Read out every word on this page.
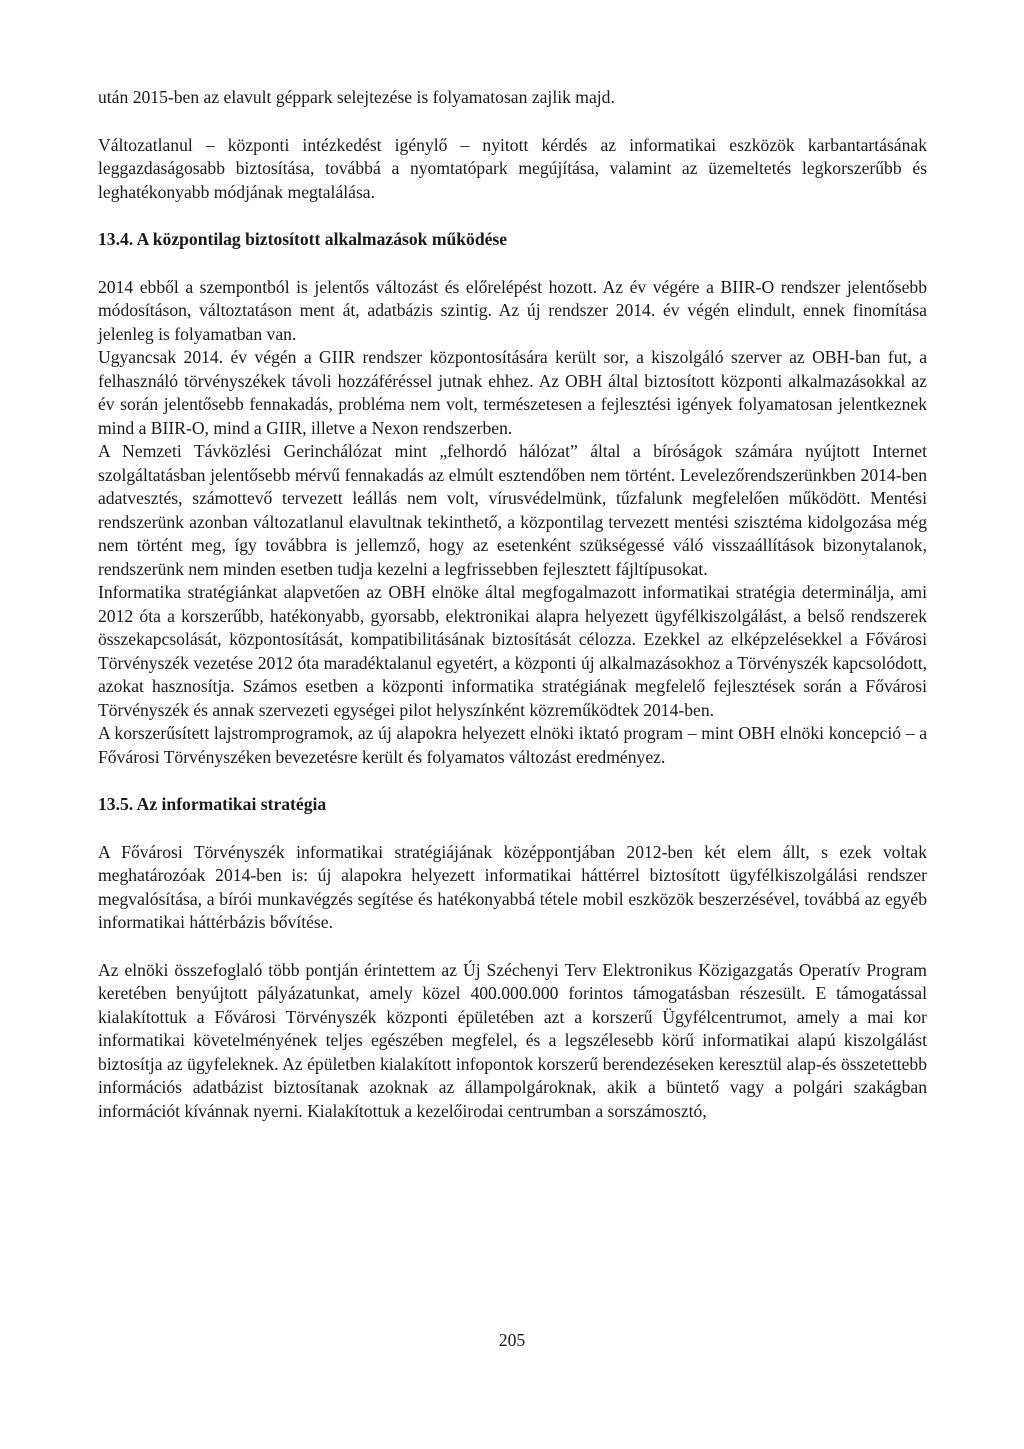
után 2015-ben az elavult géppark selejtezése is folyamatosan zajlik majd.

Változatlanul – központi intézkedést igénylő – nyitott kérdés az informatikai eszközök karbantartásának leggazdaságosabb biztosítása, továbbá a nyomtatópark megújítása, valamint az üzemeltetés legkorszerűbb és leghatékonyabb módjának megtalálása.

13.4. A központilag biztosított alkalmazások működése

2014 ebből a szempontból is jelentős változást és előrelépést hozott. Az év végére a BIIR-O rendszer jelentősebb módosításon, változtatáson ment át, adatbázis szintig. Az új rendszer 2014. év végén elindult, ennek finomítása jelenleg is folyamatban van.

Ugyancsak 2014. év végén a GIIR rendszer központosítására került sor, a kiszolgáló szerver az OBH-ban fut, a felhasználó törvényszékek távoli hozzáféréssel jutnak ehhez. Az OBH által biztosított központi alkalmazásokkal az év során jelentősebb fennakadás, probléma nem volt, természetesen a fejlesztési igények folyamatosan jelentkeznek mind a BIIR-O, mind a GIIR, illetve a Nexon rendszerben.

A Nemzeti Távközlési Gerinchálózat mint „felhordó hálózat” által a bíróságok számára nyújtott Internet szolgáltatásban jelentősebb mérvű fennakadás az elmúlt esztendőben nem történt. Levelezőrendszerünkben 2014-ben adatvesztés, számottevő tervezett leállás nem volt, vírusvédelmünk, tűzfalunk megfelelően működött. Mentési rendszerünk azonban változatlanul elavultnak tekinthető, a központilag tervezett mentési szisztéma kidolgozása még nem történt meg, így továbbra is jellemző, hogy az esetenként szükségessé váló visszaállítások bizonytalanok, rendszerünk nem minden esetben tudja kezelni a legfrissebben fejlesztett fájltípusokat.

Informatika stratégiánkat alapvetően az OBH elnöke által megfogalmazott informatikai stratégia determinálja, ami 2012 óta a korszerűbb, hatékonyabb, gyorsabb, elektronikai alapra helyezett ügyfélkiszolgálást, a belső rendszerek összekapcsolását, központosítását, kompatibilitásának biztosítását célozza. Ezekkel az elképzelésekkel a Fővárosi Törvényszék vezetése 2012 óta maradéktalanul egyetért, a központi új alkalmazásokhoz a Törvényszék kapcsolódott, azokat hasznosítja. Számos esetben a központi informatika stratégiának megfelelő fejlesztések során a Fővárosi Törvényszék és annak szervezeti egységei pilot helyszínként közreműködtek 2014-ben.

A korszerűsített lajstromprogramok, az új alapokra helyezett elnöki iktató program – mint OBH elnöki koncepció – a Fővárosi Törvényszéken bevezetésre került és folyamatos változást eredményez.

13.5. Az informatikai stratégia

A Fővárosi Törvényszék informatikai stratégiájának középpontjában 2012-ben két elem állt, s ezek voltak meghatározóak 2014-ben is: új alapokra helyezett informatikai háttérrel biztosított ügyfélkiszolgálási rendszer megvalósítása, a bírói munkavégzés segítése és hatékonyabbá tétele mobil eszközök beszerzésével, továbbá az egyéb informatikai háttérbázis bővítése.

Az elnöki összefoglaló több pontján érintettem az Új Széchenyi Terv Elektronikus Közigazgatás Operatív Program keretében benyújtott pályázatunkat, amely közel 400.000.000 forintos támogatásban részesült. E támogatással kialakítottuk a Fővárosi Törvényszék központi épületében azt a korszerű Ügyfélcentrumot, amely a mai kor informatikai követelményének teljes egészében megfelel, és a legszélesebb körű informatikai alapú kiszolgálást biztosítja az ügyfeleknek. Az épületben kialakított infopontok korszerű berendezéseken keresztül alap-és összetettebb információs adatbázist biztosítanak azoknak az állampolgároknak, akik a büntető vagy a polgári szakágban információt kívánnak nyerni. Kialakítottuk a kezelőirodai centrumban a sorszámosztó,

205
